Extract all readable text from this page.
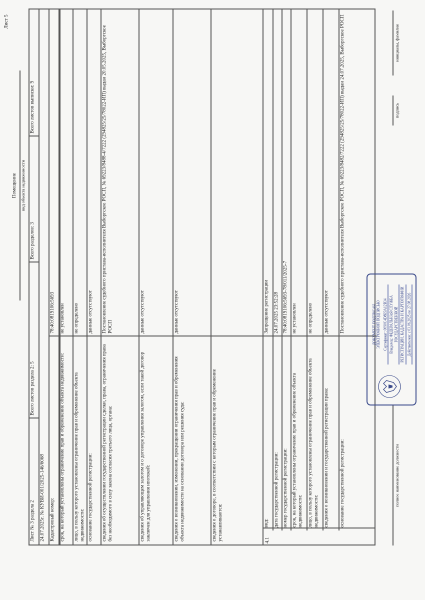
Лист 5
Помещение вид объекта недвижимости
Лист № 3 раздела 2
Всего листов раздела 2: 5
Всего разделов: 3
Всего листов выписки: 9
24.07.2025г. № КУВИ-001/2025-146/6068	Кадастровый номер:
78:40:0819106:5693
срок, на который установлены ограничение прав и обременение объекта недвижимости:
не установлен
лицо, в пользу которого установлены ограничение прав и обременение объекта недвижимости:
не определено
основание государственной регистрации:
данные отсутствуют
сведения об осуществлении государственной регистрации сделки, права, ограничения права без необходимого в силу закона согласия третьего лица, органа:
Постановление судебного пристава-исполнителя Выборгское РОСП, № 69223/8488-4/7222 (294825/25/78022-ИП) выдан 20.05.2025, Выборгское РОСП
сведения об управляющем залогом и о договоре управления залогом, если такой договор заключен для управления ипотекой:
данные отсутствуют
сведения о возникновении, изменении, прекращении ограничения прав и обременения объекта недвижимости на основании договора или решения суда:
данные отсутствуют
сведения о договоре, в соответствии с которым ограничение прав и обременение устанавливаются:	4.1
вид:
Запрещение регистрации
дата государственной регистрации:
24.07.2025 23:52:28
номер государственной регистрации:
78:40:0819106:5693-78/011/2025-7
срок, на который установлены ограничение прав и обременение объекта недвижимости:
не установлен
лицо, в пользу которого установлены ограничение прав и обременение объекта недвижимости:
не определено
сведения о возникновении и государственной регистрации права:
данные отсутствуют
основание государственной регистрации:
Постановление судебного пристава-исполнителя Выборгское РОСП, № 69223/8482/7222 (294825/25/78022-ИП) выдан 24.07.2025, Выборгское РОСП
полное наименование должности
подпись
инициалы, фамилия
ДОКУМЕНТ ПОДПИСАН ЭЛЕКТРОННОЙ ПОДПИСЬЮ Сертификат: 0090C4D8E9A12B34 Владелец: ФЕДЕРАЛЬНАЯ СЛУЖБА ГОСУДАРСТВЕННОЙ РЕГИСТРАЦИИ, КАДАСТРА И КАРТОГРАФИИ Действителен: с 03.06.2025 по 27.08.2026
